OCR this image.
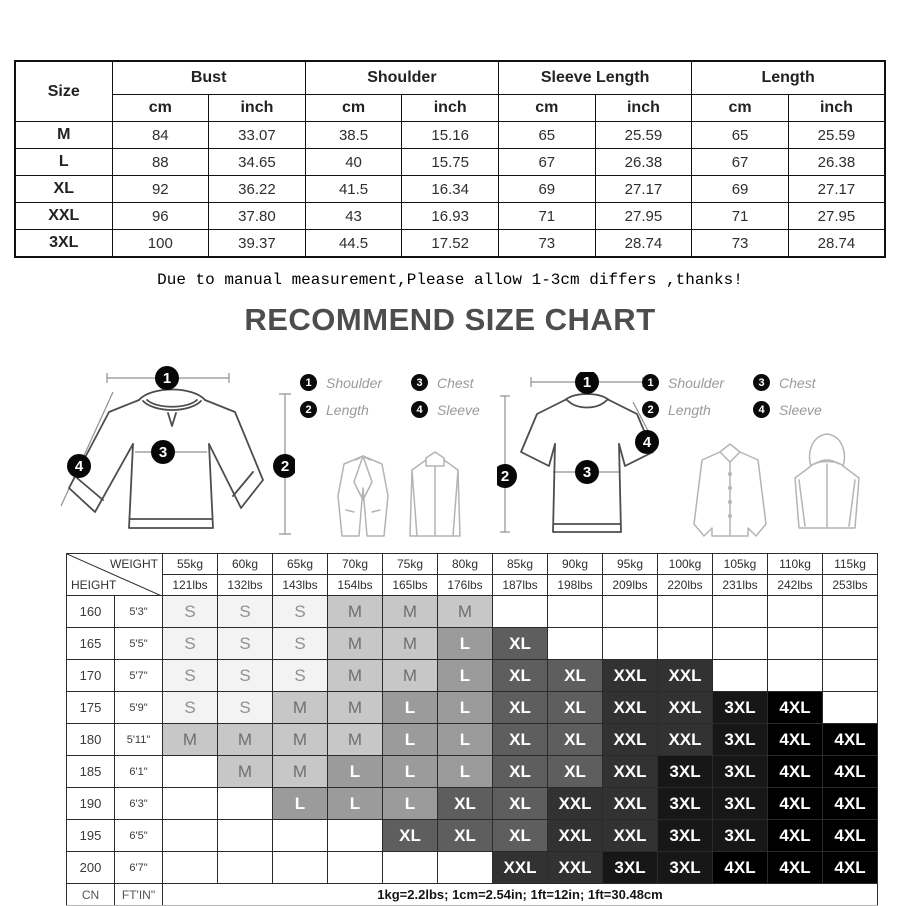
Size	Bust		Shoulder		Sleeve Length		Length	
	cm	inch	cm	inch	cm	inch	cm	inch
M	84	33.07	38.5	15.16	65	25.59	65	25.59
L	88	34.65	40	15.75	67	26.38	67	26.38
XL	92	36.22	41.5	16.34	69	27.17	69	27.17
XXL	96	37.80	43	16.93	71	27.95	71	27.95
3XL	100	39.37	44.5	17.52	73	28.74	73	28.74
Due to manual measurement,Please allow 1-3cm differs ,thanks!
RECOMMEND SIZE CHART
1
2
3
4
1	Shoulder	3	Chest
2	Length	4	Sleeve
1
2	3
4
1	Shoulder	3	Chest
2	Length	4	Sleeve
WEIGHT
HEIGHT		55kg	60kg	65kg	70kg	75kg	80kg	85kg	90kg	95kg	100kg	105kg	110kg	115kg
		121lbs	132lbs	143lbs	154lbs	165lbs	176lbs	187lbs	198lbs	209lbs	220lbs	231lbs	242lbs	253lbs
160	5'3"	S	S	S	M	M	M							
165	5'5"	S	S	S	M	M	L	XL						
170	5'7"	S	S	S	M	M	L	XL	XL	XXL	XXL			
175	5'9"	S	S	M	M	L	L	XL	XL	XXL	XXL	3XL	4XL	
180	5'11"	M	M	M	M	L	L	XL	XL	XXL	XXL	3XL	4XL	4XL
185	6'1"		M	M	L	L	L	XL	XL	XXL	3XL	3XL	4XL	4XL
190	6'3"			L	L	L	XL	XL	XXL	XXL	3XL	3XL	4XL	4XL
195	6'5"					XL	XL	XL	XXL	XXL	3XL	3XL	4XL	4XL
200	6'7"							XXL	XXL	3XL	3XL	4XL	4XL	4XL
CN	FT'IN"	1kg=2.2lbs; 1cm=2.54in; 1ft=12in; 1ft=30.48cm												
